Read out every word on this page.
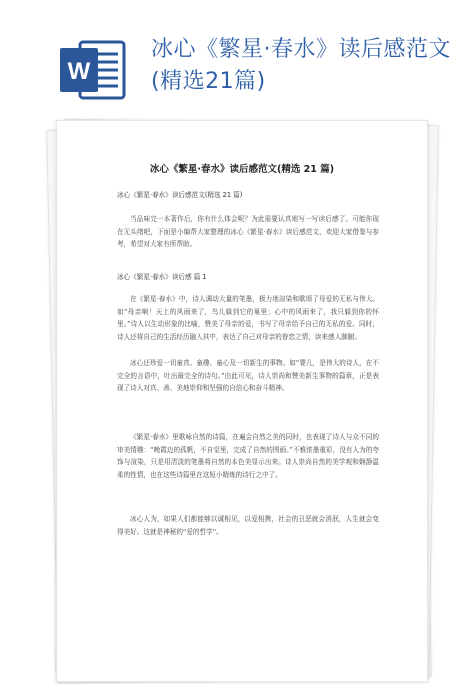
W
冰心《繁星·春水》读后感范文(精选21篇)
冰心《繁星·春水》读后感范文(精选 21 篇)
冰心《繁星·春水》读后感范文(精选 21 篇)
当品味完一本著作后，你有什么体会呢？为此需要认真地写一写读后感了。可能你现在无头绪吧，下面是小编帮大家整理的冰心《繁星·春水》读后感范文，欢迎大家借鉴与参考，希望对大家有所帮助。
冰心《繁星·春水》读后感 篇 1
在《繁星·春水》中，诗人调动大量的笔墨，极力地渲染和歌颂了母爱的无私与伟大。如“母亲啊！天上的风雨来了，鸟儿躲到它的巢里；心中的风雨来了，我只躲到你的怀里。”诗人以生动形象的比喻，赞美了母亲的爱，书写了母亲给予自己的无私的爱。同时，诗人还将自己的生活经历融入其中，表达了自己对母亲的眷恋之情，读来感人肺腑。
冰心还珍爱一切童真、童趣、童心及一切新生的事物。如“婴儿，是伟大的诗人，在不完全的言语中，吐出最完全的诗句。”由此可见，诗人崇尚和赞美新生事物的篇章，正是表现了诗人对真、善、美地崇仰和坚强的自信心和奋斗精神。
《繁星·春水》里歌咏自然的诗篇，在遍会自然之美的同时，也表现了诗人与众不同的审美情趣：“晚霞边的孤帆，不自觉里，完成了自然的图画。”不雅浓墨重彩，没有人为的夸饰与渲染，只是用清淡的笔墨将自然的本色美显示出来。诗人崇尚自然的美学观和娴静温柔的性情，也在这些诗篇里在这短小精炼的诗行之中了。
冰心人为，如果人们都能够以诚相见，以爱相携，社会的丑恶就会消泯，人生就会变得美好。这就是神秘的“爱的哲学”。
